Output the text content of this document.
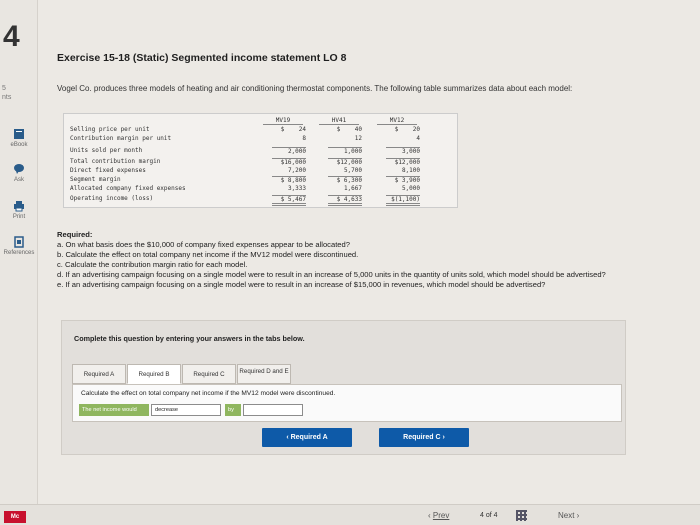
4
5
nts
eBook
Ask
Print
References
Exercise 15-18 (Static) Segmented income statement LO 8
Vogel Co. produces three models of heating and air conditioning thermostat components. The following table summarizes data about each model:
MV19	HV41	MV12
Selling price per unit	$    24	$    40	$    20
Contribution margin per unit	8	12	4
Units sold per month	2,000	1,000	3,000
Total contribution margin	$16,000	$12,000	$12,000
Direct fixed expenses	7,200	5,700	8,100
Segment margin	$ 8,800	$ 6,300	$ 3,900
Allocated company fixed expenses	3,333	1,667	5,000
Operating income (loss)	$ 5,467	$ 4,633	$(1,100)
Required:
a. On what basis does the $10,000 of company fixed expenses appear to be allocated?
b. Calculate the effect on total company net income if the MV12 model were discontinued.
c. Calculate the contribution margin ratio for each model.
d. If an advertising campaign focusing on a single model were to result in an increase of 5,000 units in the quantity of units sold, which model should be advertised?
e. If an advertising campaign focusing on a single model were to result in an increase of $15,000 in revenues, which model should be advertised?
Complete this question by entering your answers in the tabs below.
Required A	Required B	Required C	Required D and E
Calculate the effect on total company net income if the MV12 model were discontinued.
The net income would	decrease	by
‹ Required A	Required C ›
Mc	‹ Prev	4 of 4	Next ›
